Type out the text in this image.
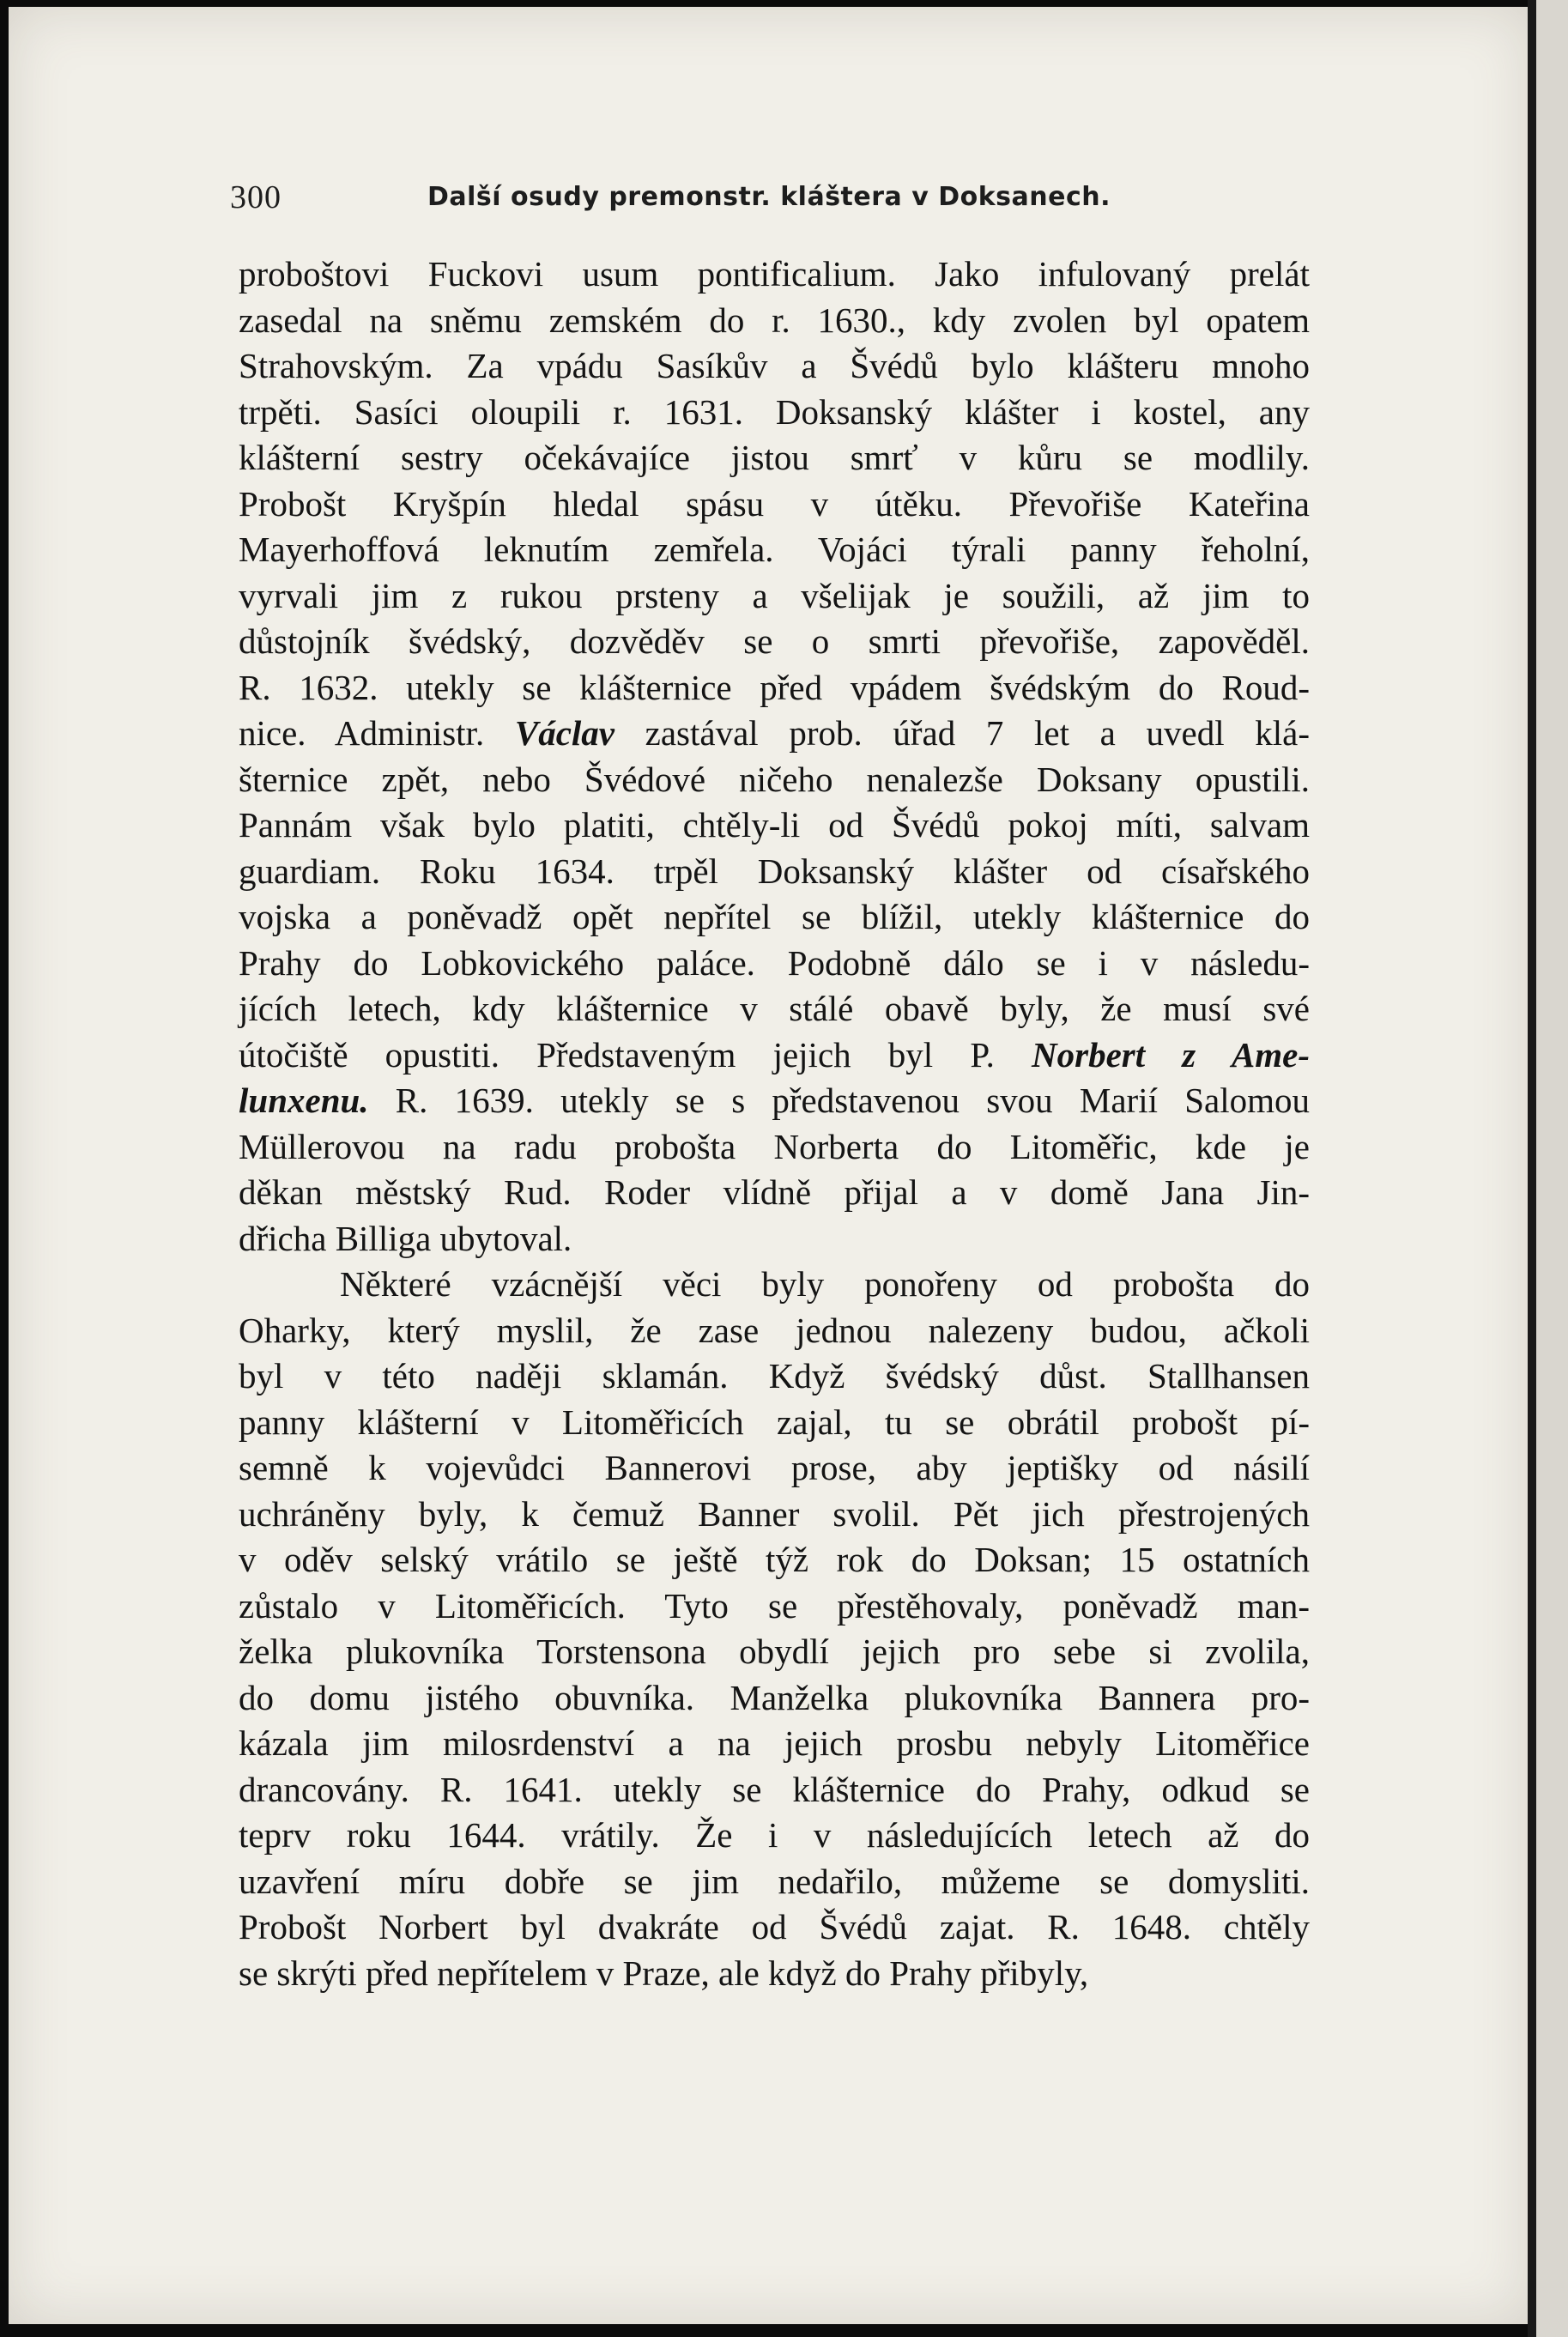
300	Další osudy premonstr. kláštera v Doksanech.
proboštovi Fuckovi usum pontificalium. Jako infulovaný prelát
zasedal na sněmu zemském do r. 1630., kdy zvolen byl opatem
Strahovským. Za vpádu Sasíkův a Švédů bylo klášteru mnoho
trpěti. Sasíci oloupili r. 1631. Doksanský klášter i kostel, any
klášterní sestry očekávajíce jistou smrť v kůru se modlily.
Probošt Kryšpín hledal spásu v útěku. Převořiše Kateřina
Mayerhoffová leknutím zemřela. Vojáci týrali panny řeholní,
vyrvali jim z rukou prsteny a všelijak je soužili, až jim to
důstojník švédský, dozvěděv se o smrti převořiše, zapověděl.
R. 1632. utekly se klášternice před vpádem švédským do Roud-
nice. Administr. Václav zastával prob. úřad 7 let a uvedl klá-
šternice zpět, nebo Švédové ničeho nenalezše Doksany opustili.
Pannám však bylo platiti, chtěly-li od Švédů pokoj míti, salvam
guardiam. Roku 1634. trpěl Doksanský klášter od císařského
vojska a poněvadž opět nepřítel se blížil, utekly klášternice do
Prahy do Lobkovického paláce. Podobně dálo se i v následu-
jících letech, kdy klášternice v stálé obavě byly, že musí své
útočiště opustiti. Představeným jejich byl P. Norbert z Ame-
lunxenu. R. 1639. utekly se s představenou svou Marií Salomou
Müllerovou na radu probošta Norberta do Litoměřic, kde je
děkan městský Rud. Roder vlídně přijal a v domě Jana Jin-
dřicha Billiga ubytoval.
Některé vzácnější věci byly ponořeny od probošta do
Oharky, který myslil, že zase jednou nalezeny budou, ačkoli
byl v této naději sklamán. Když švédský důst. Stallhansen
panny klášterní v Litoměřicích zajal, tu se obrátil probošt pí-
semně k vojevůdci Bannerovi prose, aby jeptišky od násilí
uchráněny byly, k čemuž Banner svolil. Pět jich přestrojených
v oděv selský vrátilo se ještě týž rok do Doksan; 15 ostatních
zůstalo v Litoměřicích. Tyto se přestěhovaly, poněvadž man-
želka plukovníka Torstensona obydlí jejich pro sebe si zvolila,
do domu jistého obuvníka. Manželka plukovníka Bannera pro-
kázala jim milosrdenství a na jejich prosbu nebyly Litoměřice
drancovány. R. 1641. utekly se klášternice do Prahy, odkud se
teprv roku 1644. vrátily. Že i v následujících letech až do
uzavření míru dobře se jim nedařilo, můžeme se domysliti.
Probošt Norbert byl dvakráte od Švédů zajat. R. 1648. chtěly
se skrýti před nepřítelem v Praze, ale když do Prahy přibyly,
